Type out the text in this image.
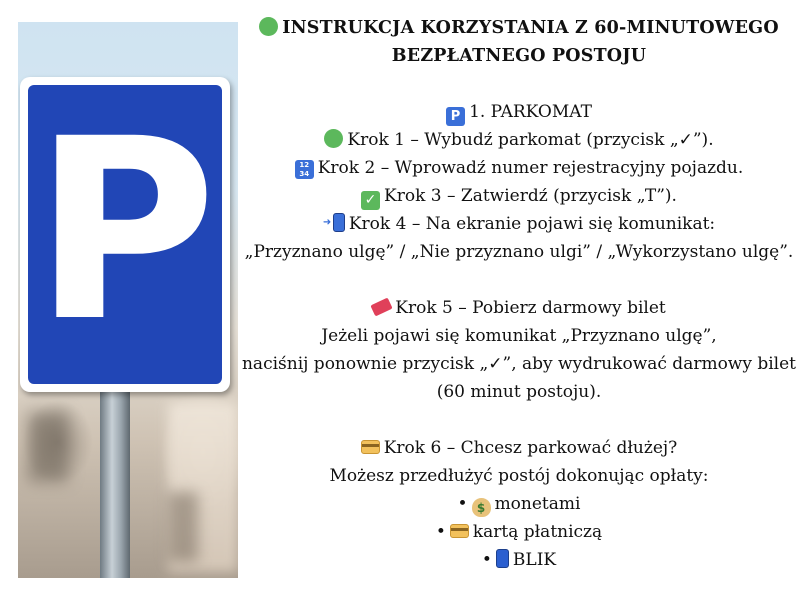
P
INSTRUKCJA KORZYSTANIA Z 60-MINUTOWEGO
BEZPŁATNEGO POSTOJU
P 1. PARKOMAT
Krok 1 – Wybudź parkomat (przycisk „✓”).
12
34 Krok 2 – Wprowadź numer rejestracyjny pojazdu.
✓ Krok 3 – Zatwierdź (przycisk „T”).
➜ Krok 4 – Na ekranie pojawi się komunikat:
„Przyznano ulgę” / „Nie przyznano ulgi” / „Wykorzystano ulgę”.
Krok 5 – Pobierz darmowy bilet
Jeżeli pojawi się komunikat „Przyznano ulgę”,
naciśnij ponownie przycisk „✓”, aby wydrukować darmowy bilet
(60 minut postoju).
Krok 6 – Chcesz parkować dłużej?
Możesz przedłużyć postój dokonując opłaty:
• $ monetami
• kartą płatniczą
• BLIK
